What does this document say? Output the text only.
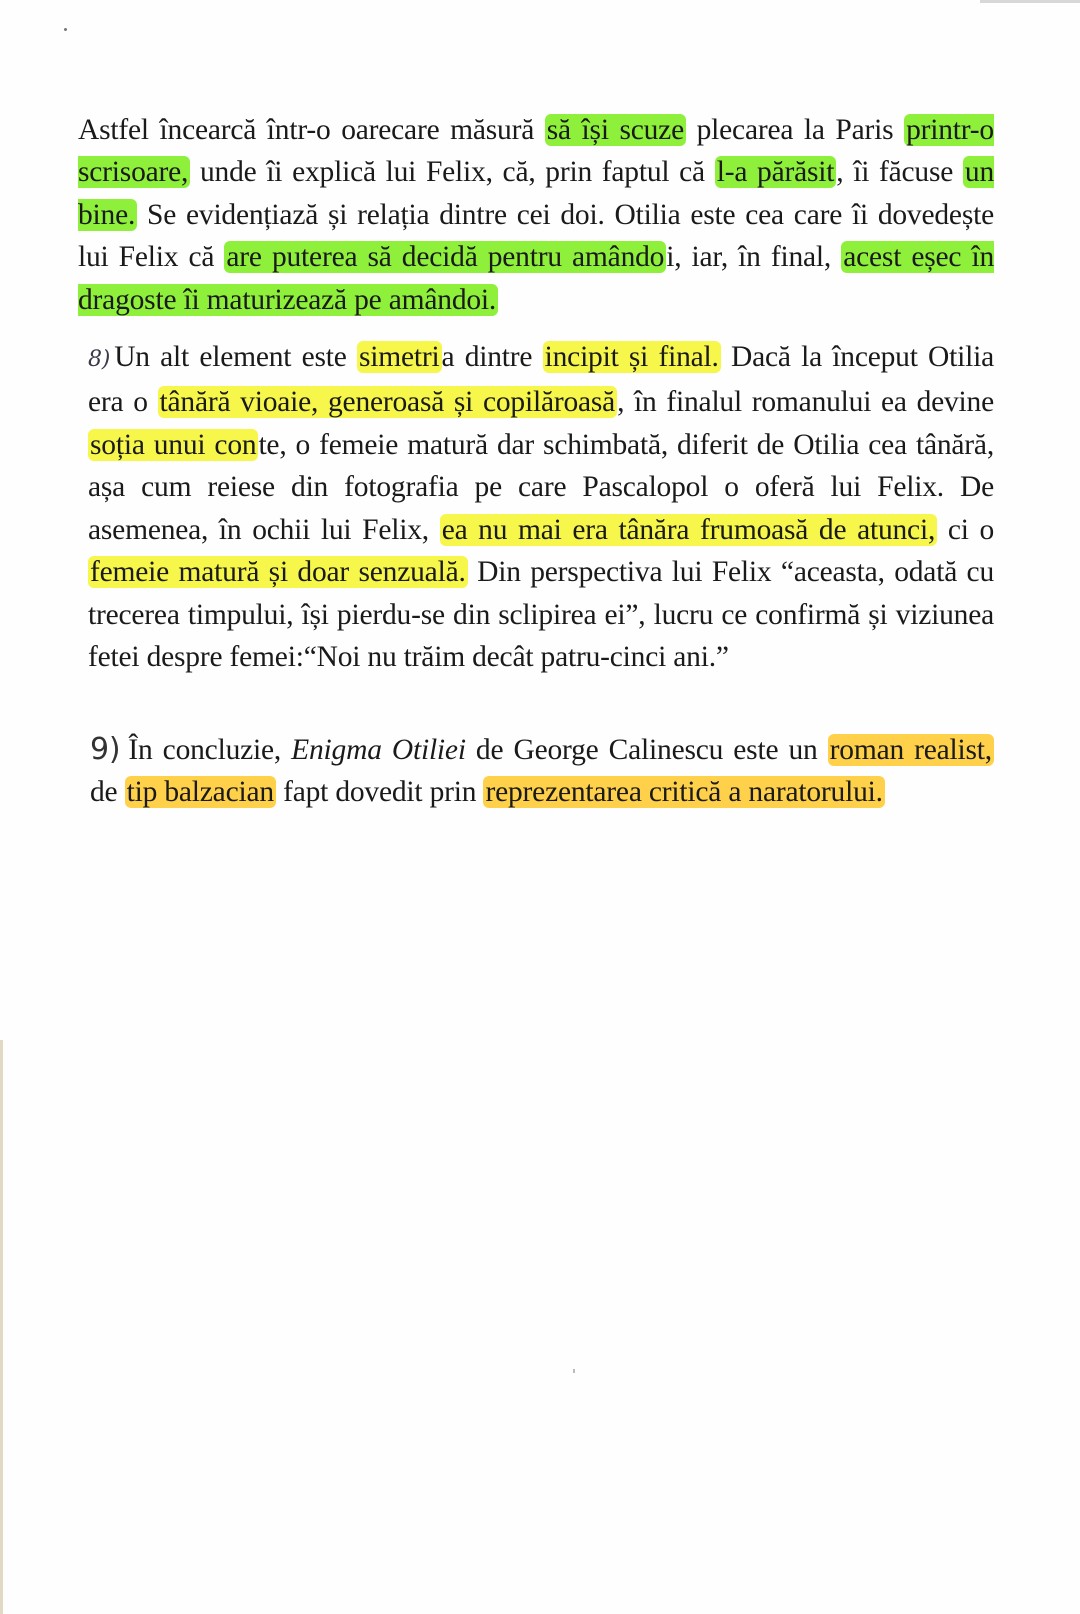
Astfel încearcă într-o oarecare măsură să își scuze plecarea la Paris printr-o scrisoare, unde îi explică lui Felix, că, prin faptul că l-a părăsit, îi făcuse un bine. Se evidențiază și relația dintre cei doi. Otilia este cea care îi dovedește lui Felix că are puterea să decidă pentru amândoi, iar, în final, acest eșec în dragoste îi maturizează pe amândoi.

8) Un alt element este simetria dintre incipit și final. Dacă la început Otilia era o tânără vioaie, generoasă și copilăroasă, în finalul romanului ea devine soția unui conte, o femeie matură dar schimbată, diferit de Otilia cea tânără, așa cum reiese din fotografia pe care Pascalopol o oferă lui Felix. De asemenea, în ochii lui Felix, ea nu mai era tânăra frumoasă de atunci, ci o femeie matură și doar senzuală. Din perspectiva lui Felix “aceasta, odată cu trecerea timpului, își pierdu-se din sclipirea ei”, lucru ce confirmă și viziunea fetei despre femei:“Noi nu trăim decât patru-cinci ani.”

9) În concluzie, Enigma Otiliei de George Calinescu este un roman realist, de tip balzacian fapt dovedit prin reprezentarea critică a naratorului.
